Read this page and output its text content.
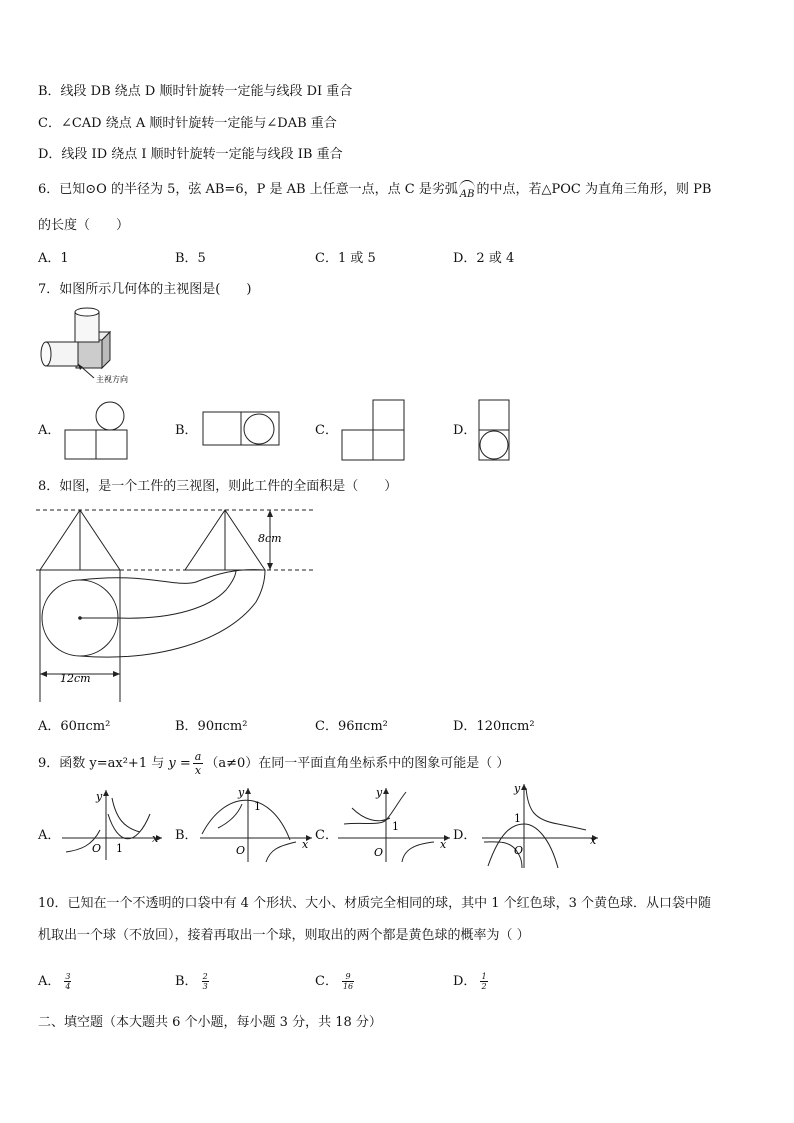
B．线段 DB 绕点 D 顺时针旋转一定能与线段 DI 重合
C．∠CAD 绕点 A 顺时针旋转一定能与∠DAB 重合
D．线段 ID 绕点 I 顺时针旋转一定能与线段 IB 重合
6．已知⊙O 的半径为 5，弦 AB=6，P 是 AB 上任意一点，点 C 是劣弧 AB 的中点，若△POC 为直角三角形，则 PB
的长度（　　）
A．1	B．5	C．1 或 5	D．2 或 4
7．如图所示几何体的主视图是(　　)
主视方向
A．	B．	C．	D．
8．如图，是一个工件的三视图，则此工件的全面积是（　　）
8cm
12cm
A．60πcm²	B．90πcm²	C．96πcm²	D．120πcm²
9．函数 y=ax²+1 与 $y = \frac{a}{x} (a\ne 0)$在同一平面直角坐标系中的图象可能是（ ）
A．	x
y
O 1
B．
x
y
O
1
C．
x
y
O
1
D．	x
y
O
1
10．已知在一个不透明的口袋中有 4 个形状、大小、材质完全相同的球，其中 1 个红色球，3 个黄色球．从口袋中随
机取出一个球（不放回），接着再取出一个球，则取出的两个都是黄色球的概率为（ ）
A． $\frac{3}{4}$	B． $\frac{2}{3}$	C． $\frac{9}{16}$	D． $\frac{1}{2}$
二、填空题（本大题共 6 个小题，每小题 3 分，共 18 分）
